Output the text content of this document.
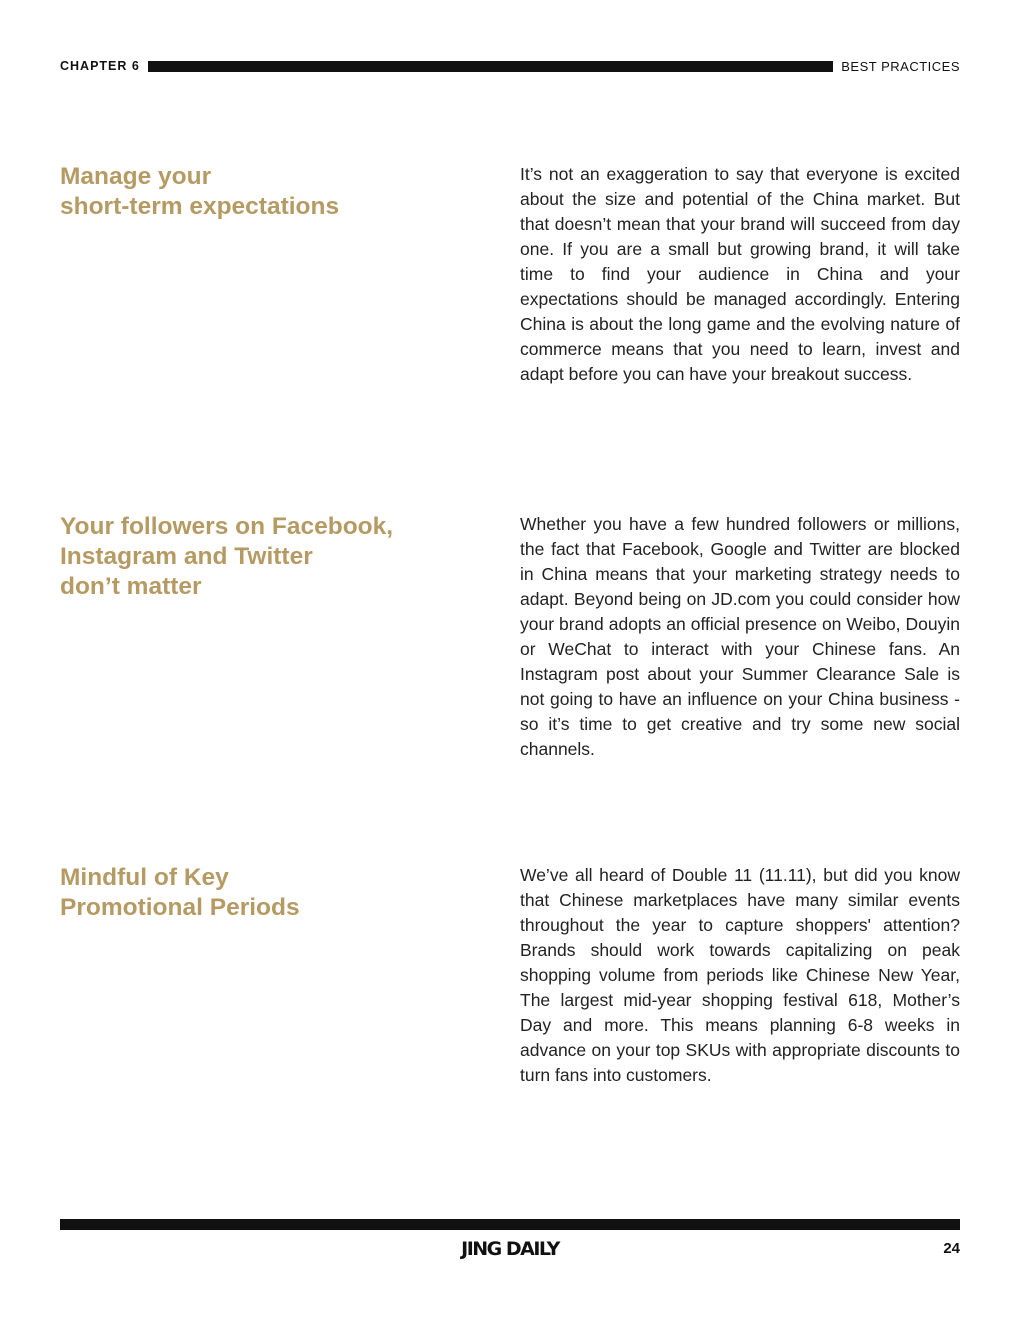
CHAPTER 6	BEST PRACTICES
Manage your
short-term expectations

It’s not an exaggeration to say that everyone is excited about the size and potential of the China market. But that doesn’t mean that your brand will succeed from day one. If you are a small but growing brand, it will take time to find your audience in China and your expectations should be managed accordingly. Entering China is about the long game and the evolving nature of commerce means that you need to learn, invest and adapt before you can have your breakout success.

Your followers on Facebook,
Instagram and Twitter
don’t matter

Whether you have a few hundred followers or millions, the fact that Facebook, Google and Twitter are blocked in China means that your marketing strategy needs to adapt. Beyond being on JD.com you could consider how your brand adopts an official presence on Weibo, Douyin or WeChat to interact with your Chinese fans. An Instagram post about your Summer Clearance Sale is not going to have an influence on your China business - so it’s time to get creative and try some new social channels.

Mindful of Key
Promotional Periods

We’ve all heard of Double 11 (11.11), but did you know that Chinese marketplaces have many similar events throughout the year to capture shoppers' attention? Brands should work towards capitalizing on peak shopping volume from periods like Chinese New Year, The largest mid-year shopping festival 618, Mother’s Day and more. This means planning 6-8 weeks in advance on your top SKUs with appropriate discounts to turn fans into customers.

JING DAILY	24
